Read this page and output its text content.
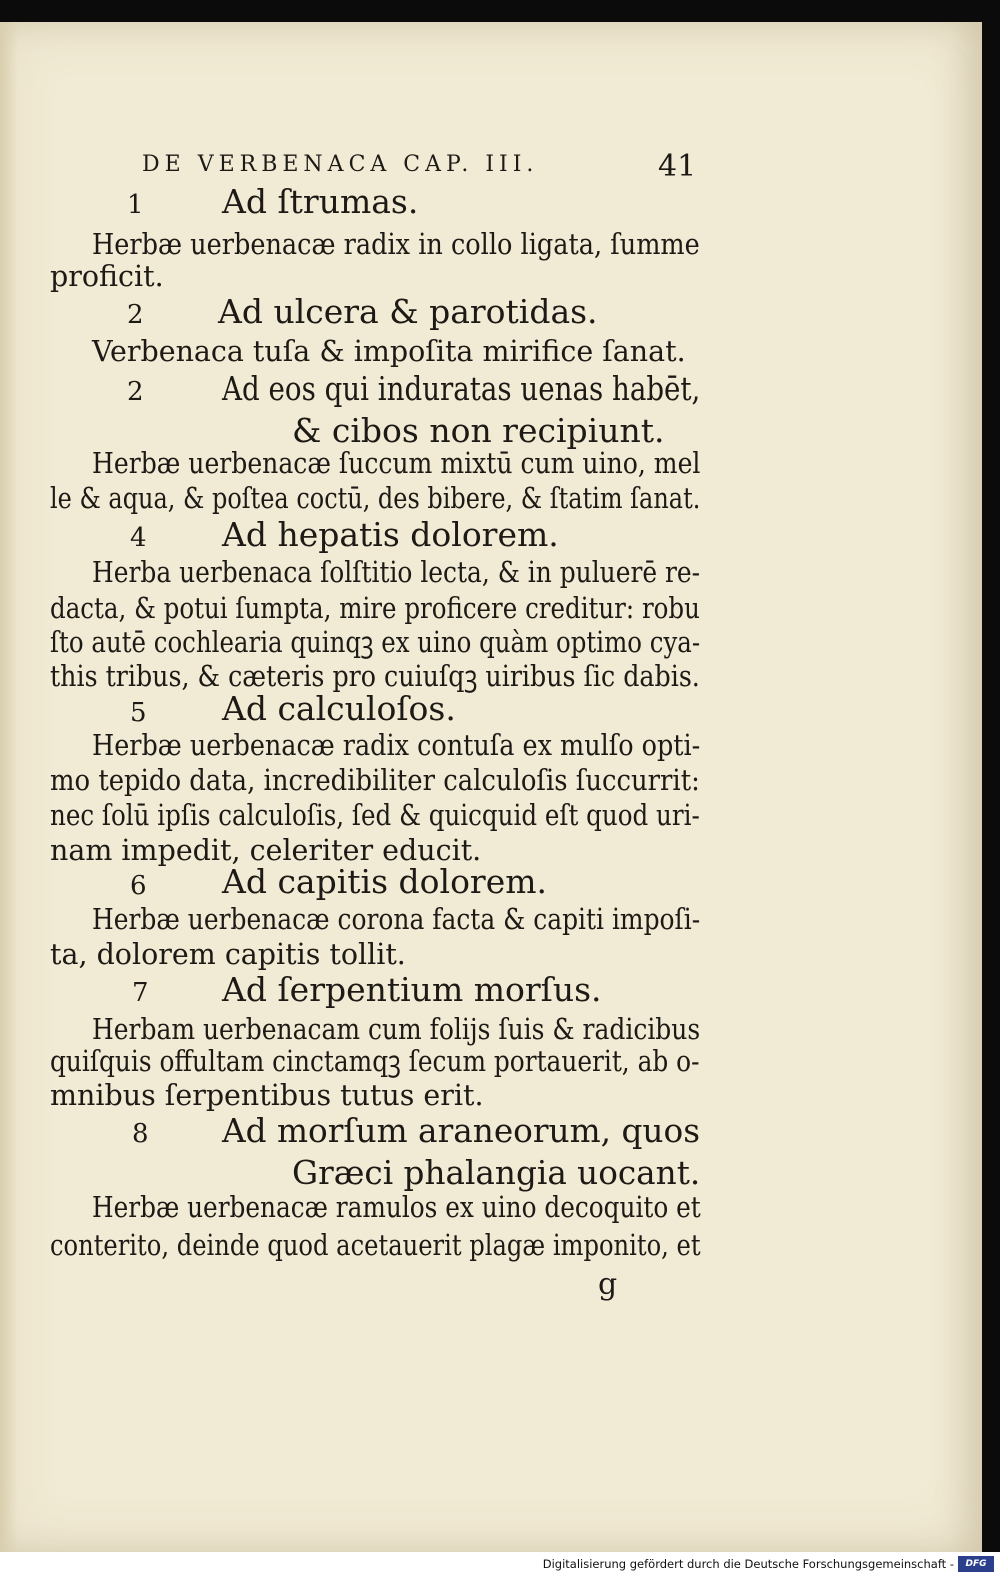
DE VERBENACA CAP. III.	41
1 Ad ſtrumas.
Herbæ uerbenacæ radix in collo ligata, ſumme
proficit.
2 Ad ulcera & parotidas.
Verbenaca tuſa & impoſita mirifice ſanat.
2 Ad eos qui induratas uenas habēt,
& cibos non recipiunt.
Herbæ uerbenacæ ſuccum mixtū cum uino, mel
le & aqua, & poſtea coctū, des bibere, & ſtatim ſanat.
4 Ad hepatis dolorem.
Herba uerbenaca ſolſtitio lecta, & in puluerē re-
dacta, & potui ſumpta, mire proficere creditur: robu
ſto autē cochlearia quinqꝫ ex uino quàm optimo cya-
this tribus, & cæteris pro cuiuſqꝫ uiribus ſic dabis.
5 Ad calculoſos.
Herbæ uerbenacæ radix contuſa ex mulſo opti-
mo tepido data, incredibiliter calculoſis ſuccurrit:
nec ſolū ipſis calculoſis, ſed & quicquid eſt quod uri-
nam impedit, celeriter educit.
6 Ad capitis dolorem.
Herbæ uerbenacæ corona facta & capiti impoſi-
ta, dolorem capitis tollit.
7 Ad ſerpentium morſus.
Herbam uerbenacam cum folijs ſuis & radicibus
quiſquis offultam cinctamqꝫ ſecum portauerit, ab o-
mnibus ſerpentibus tutus erit.
8 Ad morſum araneorum, quos
Græci phalangia uocant.
Herbæ uerbenacæ ramulos ex uino decoquito et
conterito, deinde quod acetauerit plagæ imponito, et
g
Digitalisierung gefördert durch die Deutsche Forschungsgemeinschaft -	DFG
